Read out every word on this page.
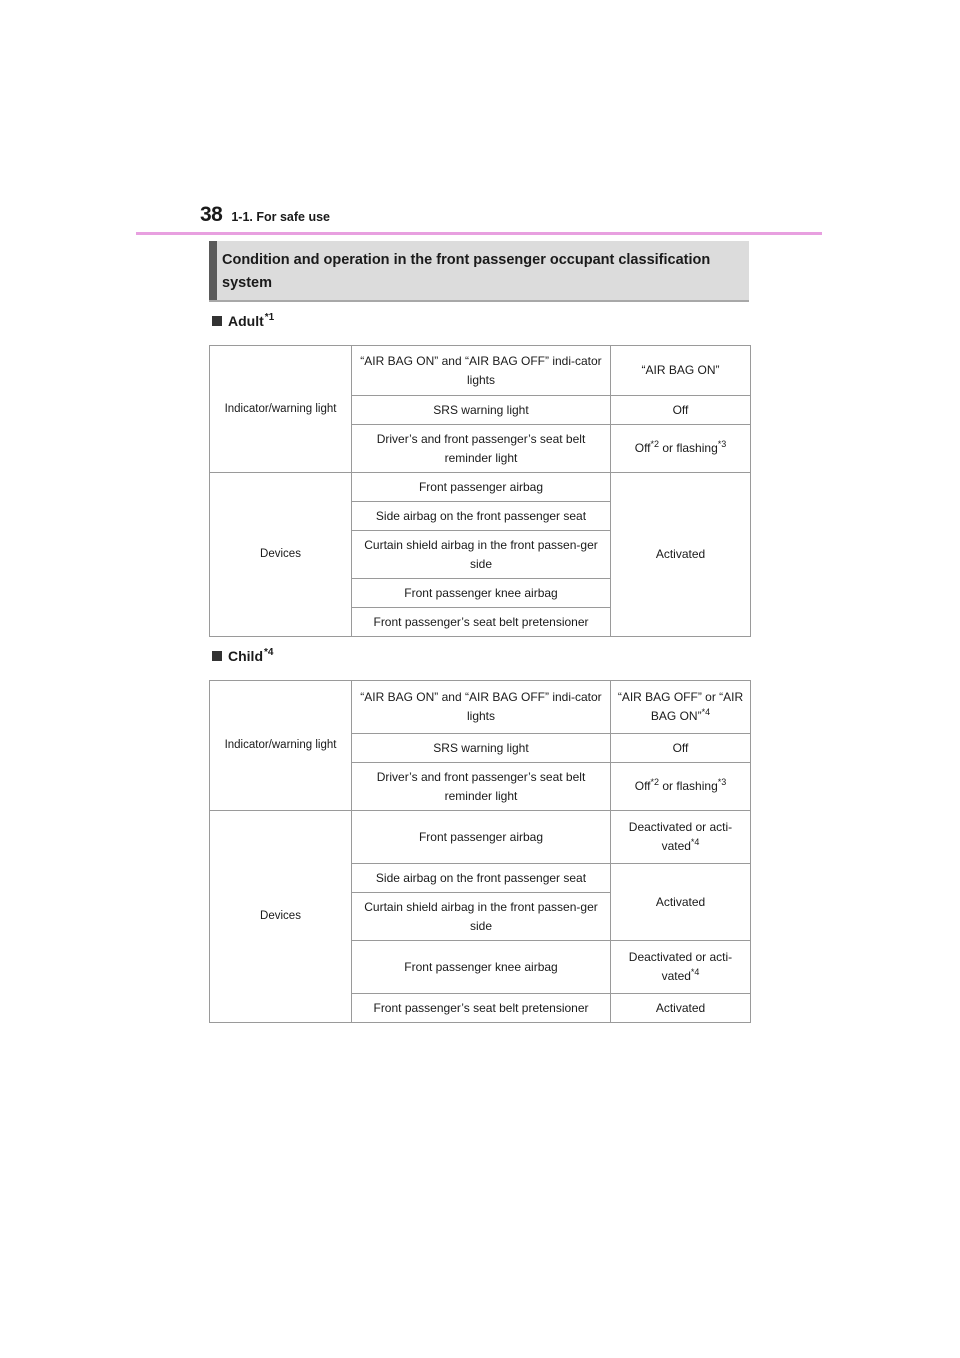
38 1-1. For safe use
Condition and operation in the front passenger occupant classification system
Adult$^{*1}$
Indicator/warning light	“AIR BAG ON” and “AIR BAG OFF” indi-cator lights	“AIR BAG ON”
	SRS warning light	Off
	Driver’s and front passenger’s seat belt reminder light	Off$^{*2}$ or flashing$^{*3}$
Devices	Front passenger airbag	Activated
	Side airbag on the front passenger seat	
	Curtain shield airbag in the front passen-ger side	
	Front passenger knee airbag	
	Front passenger’s seat belt pretensioner	
Child$^{*4}$
Indicator/warning light	“AIR BAG ON” and “AIR BAG OFF” indi-cator lights	“AIR BAG OFF” or “AIR BAG ON”$^{*4}$
	SRS warning light	Off
	Driver’s and front passenger’s seat belt reminder light	Off$^{*2}$ or flashing$^{*3}$
Devices	Front passenger airbag	Deactivated or acti-vated$^{*4}$
	Side airbag on the front passenger seat	Activated
	Curtain shield airbag in the front passen-ger side	
	Front passenger knee airbag	Deactivated or acti-vated$^{*4}$
	Front passenger’s seat belt pretensioner	Activated
